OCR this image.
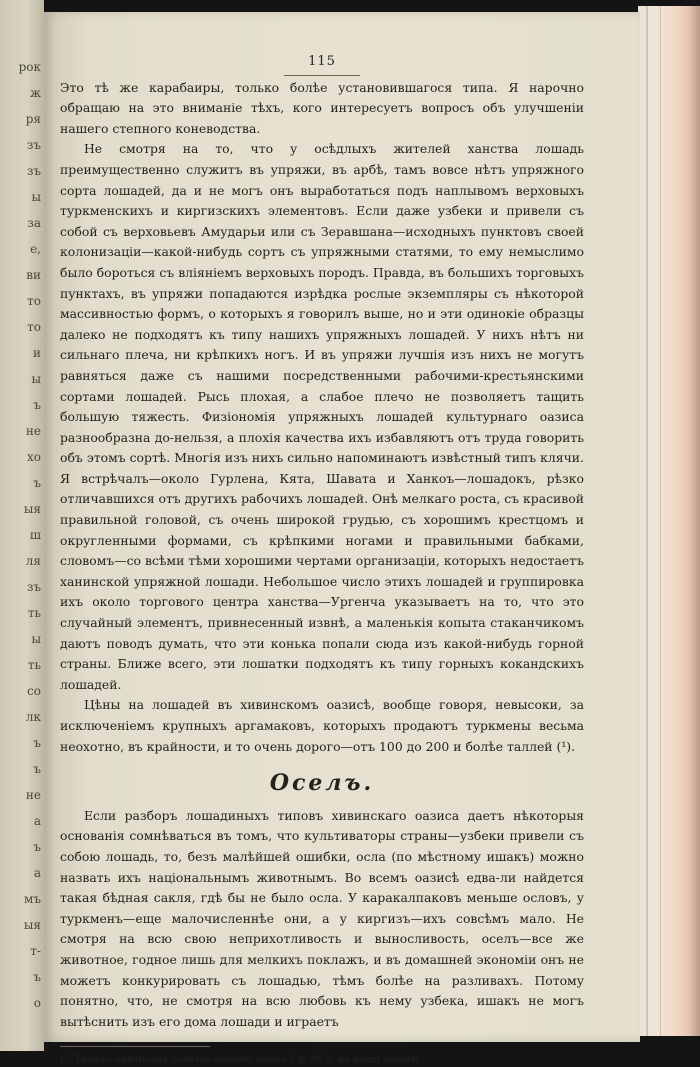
рок
ж
ря
зъ
зъ
ы
за
е,
ви
то
то
и
ы
ъ
не
хо
ъ
ыя
ш
ля
зъ
ть
ы
ть
со
лк
ъ
ъ
не
а
ъ
а
мъ
ыя
т-
ъ
о
115

Это тѣ же карабаиры, только болѣе установившагося типа. Я нарочно обращаю на это вниманіе тѣхъ, кого интересуетъ вопросъ объ улучшеніи нашего степного коневодства.

Не смотря на то, что у осѣдлыхъ жителей ханства лошадь преимущественно служитъ въ упряжи, въ арбѣ, тамъ вовсе нѣтъ упряжного сорта лошадей, да и не могъ онъ выработаться подъ наплывомъ верховыхъ туркменскихъ и киргизскихъ элементовъ. Если даже узбеки и привели съ собой съ верховьевъ Амударьи или съ Зеравшана—исходныхъ пунктовъ своей колонизаціи—какой-нибудь сортъ съ упряжными статями, то ему немыслимо было бороться съ вліяніемъ верховыхъ породъ. Правда, въ большихъ торговыхъ пунктахъ, въ упряжи попадаются изрѣдка рослые экземпляры съ нѣкоторой массивностью формъ, о которыхъ я говорилъ выше, но и эти одинокіе образцы далеко не подходятъ къ типу нашихъ упряжныхъ лошадей. У нихъ нѣтъ ни сильнаго плеча, ни крѣпкихъ ногъ. И въ упряжи лучшія изъ нихъ не могутъ равняться даже съ нашими посредственными рабочими-крестьянскими сортами лошадей. Рысь плохая, а слабое плечо не позволяетъ тащить большую тяжесть. Физіономія упряжныхъ лошадей культурнаго оазиса разнообразна до-нельзя, а плохія качества ихъ избавляютъ отъ труда говорить объ этомъ сортѣ. Многія изъ нихъ сильно напоминаютъ извѣстный типъ клячи. Я встрѣчалъ—около Гурлена, Кята, Шавата и Ханкоъ—лошадокъ, рѣзко отличавшихся отъ другихъ рабочихъ лошадей. Онѣ мелкаго роста, съ красивой правильной головой, съ очень широкой грудью, съ хорошимъ крестцомъ и округленными формами, съ крѣпкими ногами и правильными бабками, словомъ—со всѣми тѣми хорошими чертами организаціи, которыхъ недостаетъ ханинской упряжной лошади. Небольшое число этихъ лошадей и группировка ихъ около торгового центра ханства—Ургенча указываетъ на то, что это случайный элементъ, привнесенный извнѣ, а маленькія копыта стаканчикомъ даютъ поводъ думать, что эти конька попали сюда изъ какой-нибудь горной страны. Ближе всего, эти лошатки подходятъ къ типу горныхъ кокандскихъ лошадей.

Цѣны на лошадей въ хивинскомъ оазисѣ, вообще говоря, невысоки, за исключеніемъ крупныхъ аргамаковъ, которыхъ продаютъ туркмены весьма неохотно, въ крайности, и то очень дорого—отъ 100 до 200 и болѣе таллей (¹).

Оселъ.

Если разборъ лошадиныхъ типовъ хивинскаго оазиса даетъ нѣкоторыя основанія сомнѣваться въ томъ, что культиваторы страны—узбеки привели съ собою лошадь, то, безъ малѣйшей ошибки, осла (по мѣстному ишакъ) можно назвать ихъ національнымъ животнымъ. Во всемъ оазисѣ едва-ли найдется такая бѣдная сакля, гдѣ бы не было осла. У каракалпаковъ меньше ословъ, у туркменъ—еще малочисленнѣе они, а у киргизъ—ихъ совсѣмъ мало. Не смотря на всю свою неприхотливость и выносливость, оселъ—все же животное, годное лишь для мелкихъ поклажъ, и въ домашней экономіи онъ не можетъ конкурировать съ лошадью, тѣмъ болѣе на разливахъ. Потому понятно, что, не смотря на всю любовь къ нему узбека, ишакъ не могъ вытѣснить изъ его дома лошади и играетъ

(¹) Тилля—хивинская золотая монета, около 1 р. 80 к. на наши деньги.
